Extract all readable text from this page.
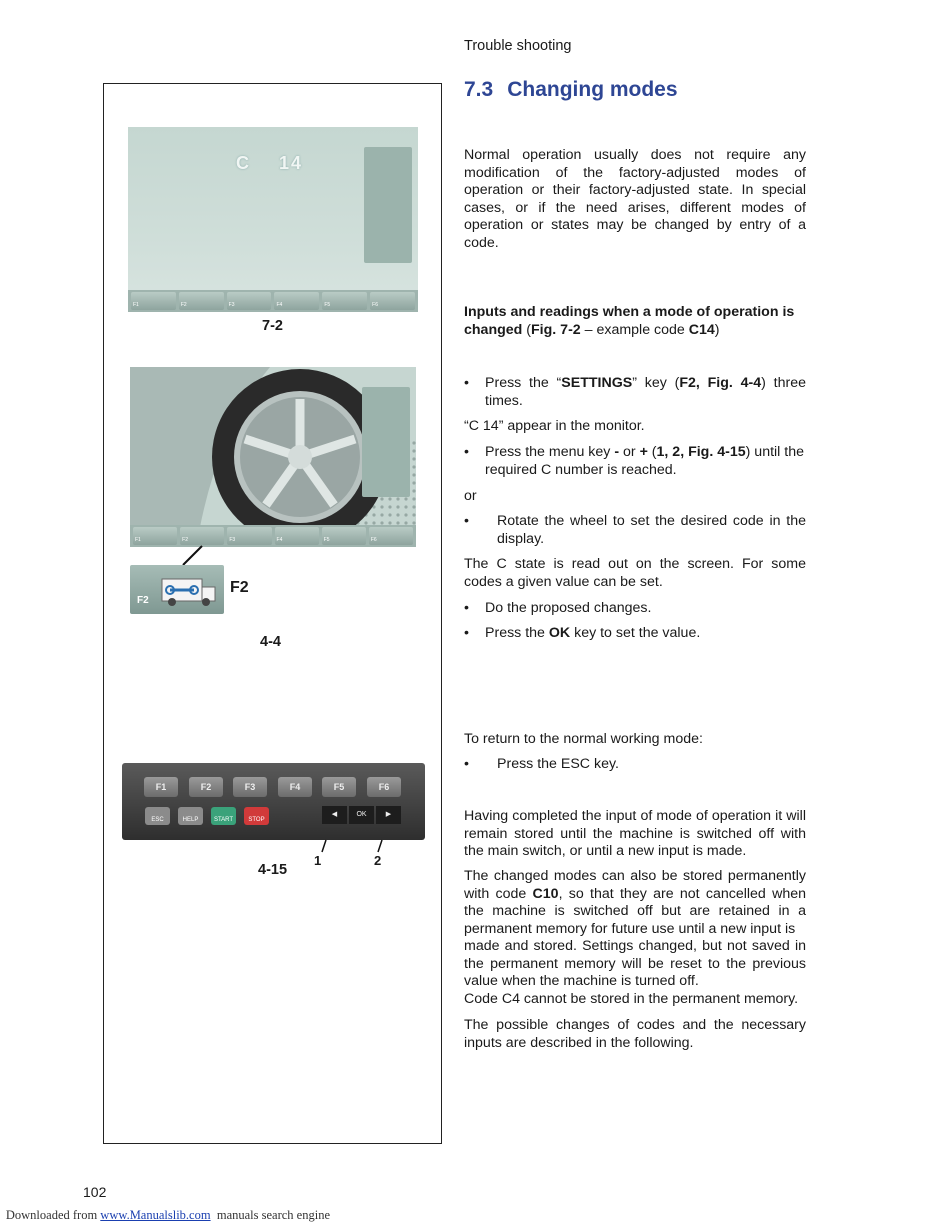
Trouble shooting
7.3 Changing modes
Normal operation usually does not require any modification of the factory-adjusted modes of operation or their factory-adjusted state. In special cases, or if the need arises, different modes of operation or states may be changed by entry of a code.
Inputs and readings when a mode of operation is changed (Fig. 7-2 – example code C14)
• Press the “SETTINGS” key (F2, Fig. 4-4) three times.
“C 14” appear in the monitor.
• Press the menu key - or + (1, 2, Fig. 4-15) until the required C number is reached.
or
• Rotate the wheel to set the desired code in the display.
The C state is read out on the screen. For some codes a given value can be set.
• Do the proposed changes.
• Press the OK key to set the value.
To return to the normal working mode:
• Press the ESC key.
Having completed the input of mode of operation it will remain stored until the machine is switched off with the main switch, or until a new input is made.

The changed modes can also be stored permanently with code C10, so that they are not cancelled when the machine is switched off but are retained in a permanent memory for future use until a new input is

made and stored. Settings changed, but not saved in the permanent memory will be reset to the previous value when the machine is turned off.

Code C4 cannot be stored in the permanent memory.

The possible changes of codes and the necessary inputs are described in the following.
C    14
F1	F2	F3	F4	F5	F6
7-2
F1	F2	F3	F4	F5	F6
F2
F2
4-4
F1	F2	F3	F4	F5	F6
ESC	HELP	START	STOP
◀	OK	▶
1	2
4-15
102
Downloaded from www.Manualslib.com  manuals search engine
